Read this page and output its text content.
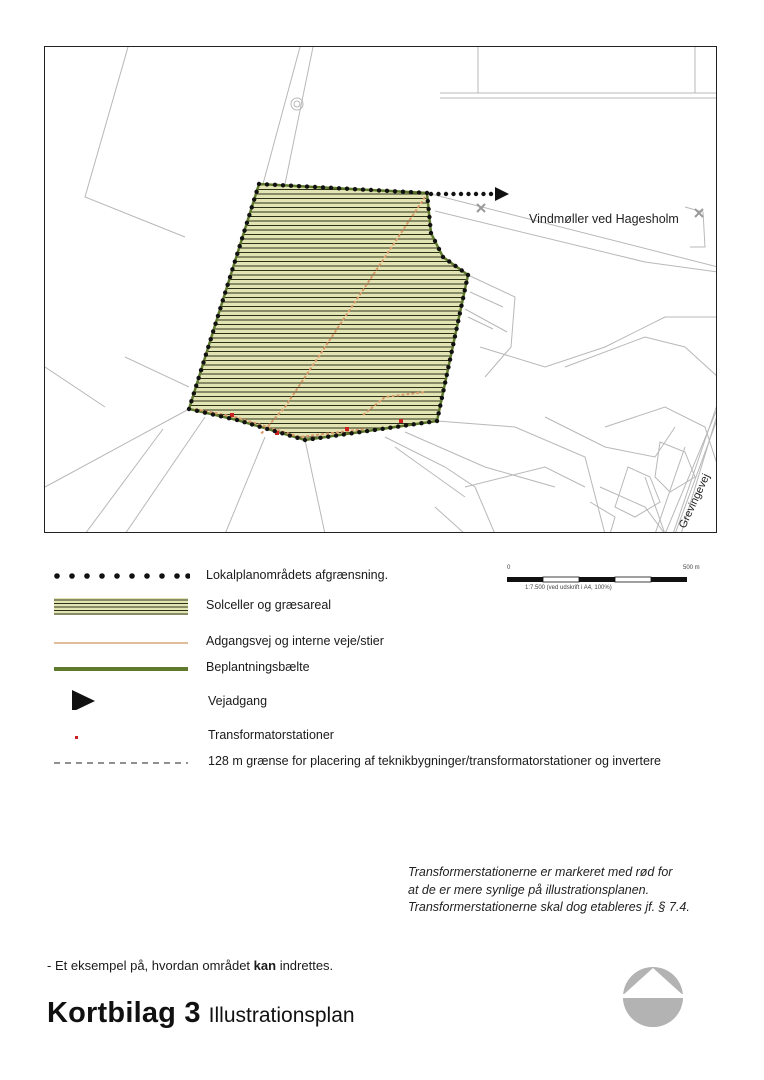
Vindmøller ved Hagesholm
Grevingevej
Lokalplanområdets afgrænsning.
Solceller og græsareal
Adgangsvej og interne veje/stier
Beplantningsbælte
Vejadgang
Transformatorstationer
128 m grænse for placering af teknikbygninger/transformatorstationer og invertere
0	500 m
1:7.500 (ved udskrift i A4, 100%)
Transformerstationerne er markeret med rød for
at de er mere synlige på illustrationsplanen.
Transformerstationerne skal dog etableres jf. § 7.4.
- Et eksempel på, hvordan området kan indrettes.
Kortbilag 3 Illustrationsplan
